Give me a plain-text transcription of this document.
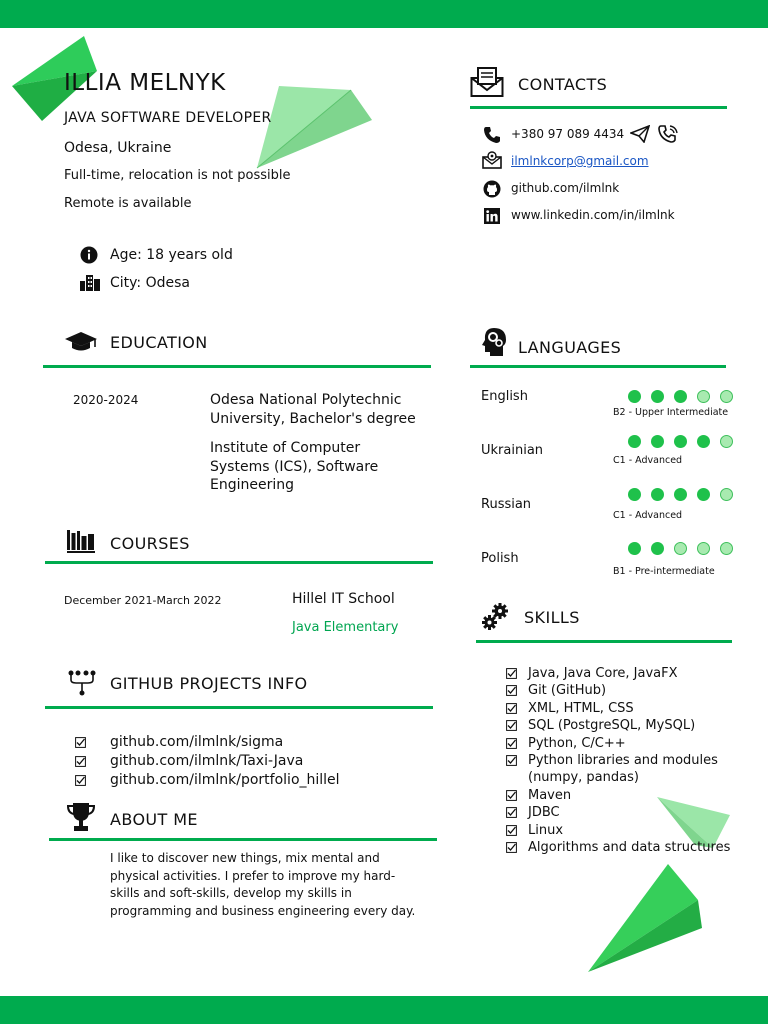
ILLIA MELNYK
JAVA SOFTWARE DEVELOPER
Odesa, Ukraine
Full-time, relocation is not possible
Remote is available
Age: 18 years old
City: Odesa
CONTACTS
+380 97 089 4434
ilmlnkcorp@gmail.com
github.com/ilmlnk
www.linkedin.com/in/ilmlnk
EDUCATION
2020-2024	Odesa National Polytechnic University, Bachelor's degree
Institute of Computer Systems (ICS), Software Engineering
COURSES
December 2021-March 2022	Hillel IT School
Java Elementary
GITHUB PROJECTS INFO
github.com/ilmlnk/sigma
github.com/ilmlnk/Taxi-Java
github.com/ilmlnk/portfolio_hillel
ABOUT ME
I like to discover new things, mix mental and physical activities. I prefer to improve my hard-skills and soft-skills, develop my skills in programming and business engineering every day.
LANGUAGES
English
B2 - Upper Intermediate
Ukrainian
C1 - Advanced
Russian
C1 - Advanced
Polish
B1 - Pre-intermediate
SKILLS
Java, Java Core, JavaFX
Git (GitHub)
XML, HTML, CSS
SQL (PostgreSQL, MySQL)
Python, C/C++
Python libraries and modules (numpy, pandas)
Maven
JDBC
Linux
Algorithms and data structures
